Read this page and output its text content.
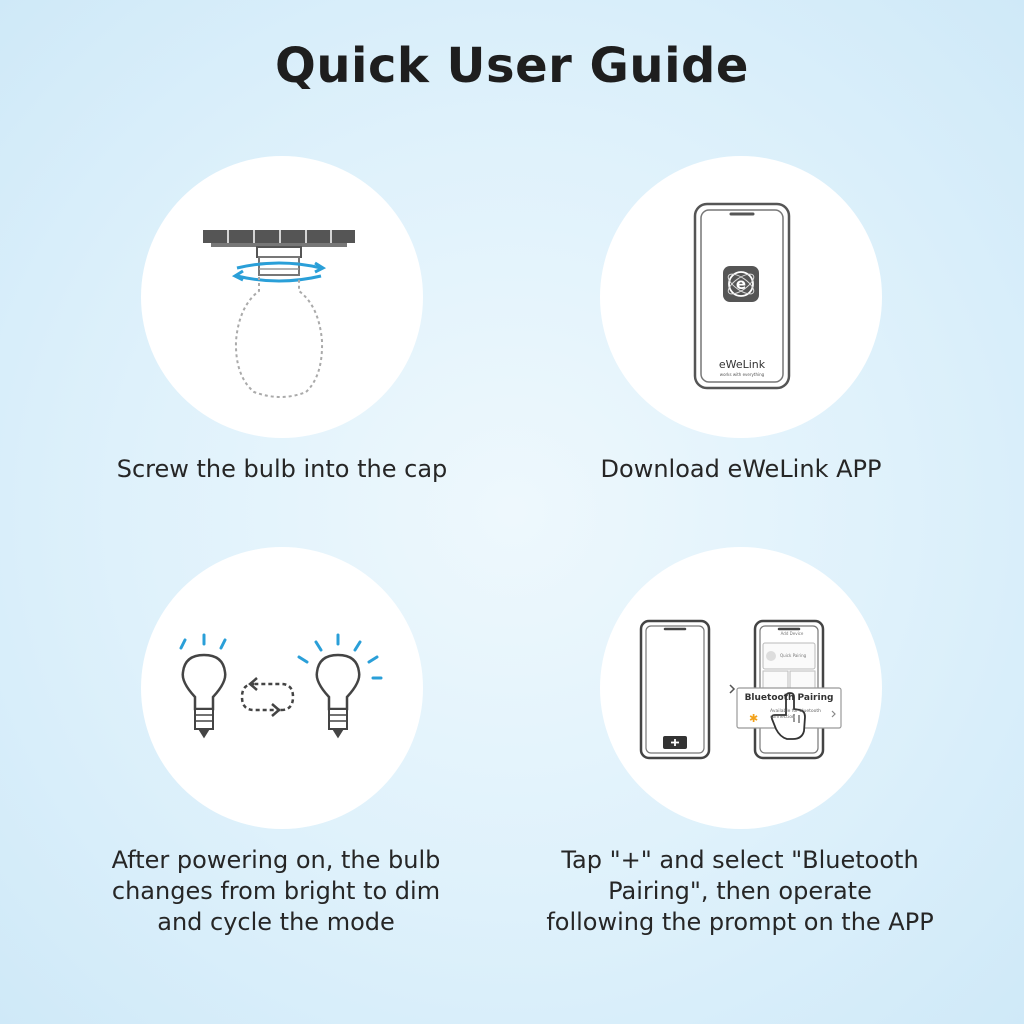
Quick User Guide
Screw the bulb into the cap
e
eWeLink
works with everything
Download eWeLink APP
After powering on, the bulb
changes from bright to dim
and cycle the mode
✱
Add Device
Quick Pairing
Bluetooth Pairing
Available for bluetooth connection
Tap "+" and select "Bluetooth
Pairing", then operate
following the prompt on the APP
